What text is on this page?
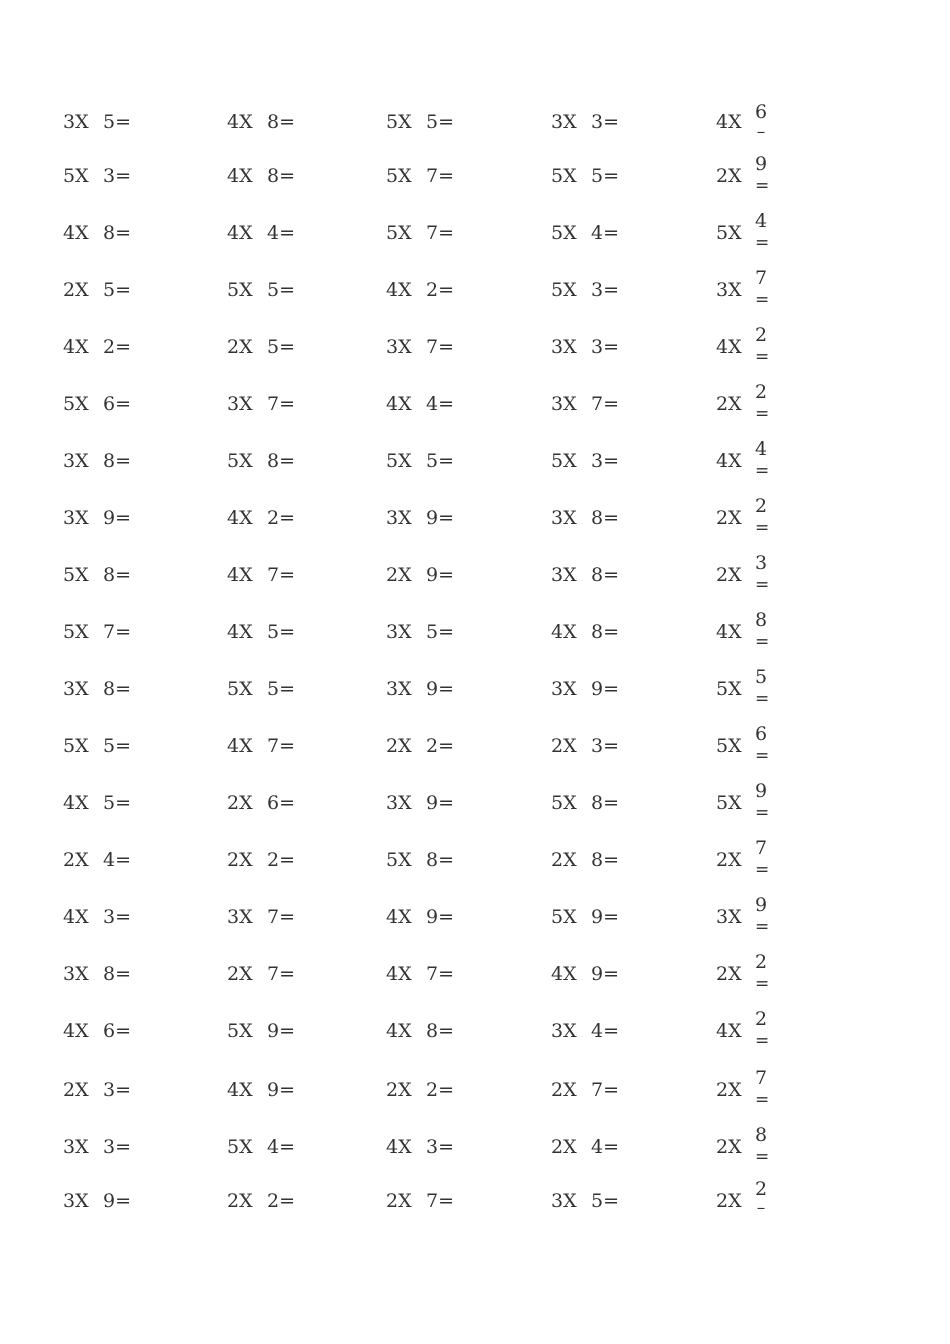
3X 5=	4X 8=	5X 5=	3X 3=	4X 6
–
5X 3=	4X 8=	5X 7=	5X 5=	2X
9
=
4X 8=	4X 4=	5X 7=	5X 4=	5X
4
=
2X 5=	5X 5=	4X 2=	5X 3=	3X
7
=
4X 2=	2X 5=	3X 7=	3X 3=	4X
2
=
5X 6=	3X 7=	4X 4=	3X 7=	2X
2
=
3X 8=	5X 8=	5X 5=	5X 3=	4X
4
=
3X 9=	4X 2=	3X 9=	3X 8=	2X
2
=
5X 8=	4X 7=	2X 9=	3X 8=	2X
3
=
5X 7=	4X 5=	3X 5=	4X 8=	4X
8
=
3X 8=	5X 5=	3X 9=	3X 9=	5X
5
=
5X 5=	4X 7=	2X 2=	2X 3=	5X
6
=
4X 5=	2X 6=	3X 9=	5X 8=	5X
9
=
2X 4=	2X 2=	5X 8=	2X 8=	2X
7
=
4X 3=	3X 7=	4X 9=	5X 9=	3X
9
=
3X 8=	2X 7=	4X 7=	4X 9=	2X
2
=
4X 6=	5X 9=	4X 8=	3X 4=	4X
2
=
2X 3=	4X 9=	2X 2=	2X 7=	2X
7
=
3X 3=	5X 4=	4X 3=	2X 4=	2X
8
=
3X 9=	2X 2=	2X 7=	3X 5=	2X
2
–
